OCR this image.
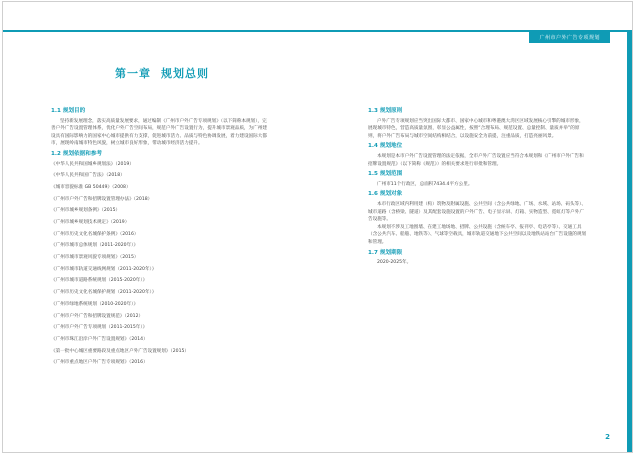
广州市户外广告专项规划
第一章 规划总则
1.1 规划目的
坚持新发展理念，落实高质量发展要求，通过编制《广州市户外广告专项规划》（以下简称本规划），完善户外广告设置管理体系，优化户外广告空间布局，规范户外广告设置行为，提升城市景观品质，为广州建设具有国际影响力的国家中心城市提供有力支撑，促进城市活力、品质与特色协调发展，着力建设国际大都市，展现岭南城市特色风貌，树立城市良好形象，带动城市经济活力提升。
1.2 规划依据和参考
《中华人民共和国城乡规划法》（2019）
《中华人民共和国广告法》（2018）
《城市容貌标准 GB 50449》（2008）
《广州市户外广告和招牌设置管理办法》（2018）
《广州市城乡规划条例》（2015）
《广州市城乡规划技术规定》（2019）
《广州市历史文化名城保护条例》（2016）
《广州市城市总体规划（2011-2020年）》
《广州市城市景观风貌专项规划》（2015）
《广州市城市轨道交通线网规划（2011-2020年）》
《广州市城市道路系统规划（2015-2020年）》
《广州市历史文化名城保护规划（2011-2020年）》
《广州市绿地系统规划（2010-2020年）》
《广州市户外广告和招牌设置规范》（2012）
《广州市户外广告专项规划（2011-2015年）》
《广州市珠江沿岸户外广告设置规划》（2014）
《第一批中心城区重要路段及重点地区户外广告设置规划》（2015）
《广州市重点地区户外广告专项规划》（2016）
1.3 规划原则
户外广告专项规划应当突出国际大都市、国家中心城市和粤港澳大湾区区域发展核心引擎的城市形象，展现城市特色，营造高质量氛围，彰显公益属性，按照“合理布局、规范设置、总量控制、量质并举”的原则，将户外广告布局与城市空间结构相结合，以设施安全为前提，注重品质，打造亮丽风景。
1.4 规划地位
本规划是本市户外广告设置管理的法定依据，全市户外广告设置应当符合本规划和《广州市户外广告和招牌设置规范》（以下简称《规范》）的相关要求进行审批和管理。
1.5 规划范围
广州市11个行政区，总面积7434.4平方公里。
1.6 规划对象
本市行政区域内利用建（构）筑物及附属设施、公共空间（含公共绿地、广场、水域、站场、码头等）、城市道路（含桥梁、隧道）及其配套设施设置的户外广告、电子显示屏、灯箱、实物造型、霓虹灯等户外广告设施等。
本规划不涉及工地围墙、在建工地场地、招牌、公共设施（含候车亭、报刊亭、电话亭等）、交通工具（含公共汽车、船舶、地铁等）、气球等空载具，城市轨道交通地下公共空间以及地铁站站台广告设施的规划和管理。
1.7 规划期限
2020-2025年。
2
